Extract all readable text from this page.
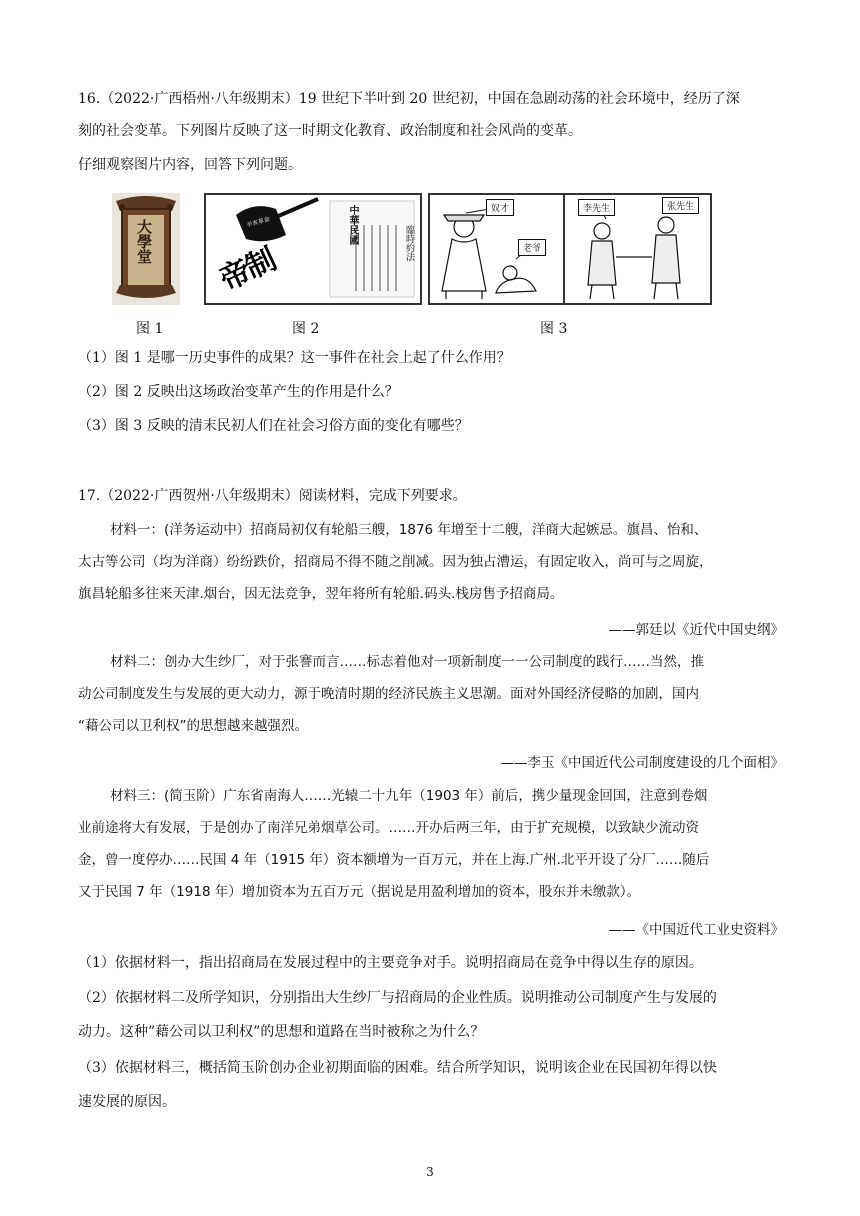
16.（2022·广西梧州·八年级期末）19 世纪下半叶到 20 世纪初，中国在急剧动荡的社会环境中，经历了深
刻的社会变革。下列图片反映了这一时期文化教育、政治制度和社会风尚的变革。
仔细观察图片内容，回答下列问题。
大學堂	辛亥革命
帝制
中華民國	臨時約法
奴才
老爷
李先生	张先生
图 1	图 2	图 3
（1）图 1 是哪一历史事件的成果？这一事件在社会上起了什么作用？
（2）图 2 反映出这场政治变革产生的作用是什么？
（3）图 3 反映的清末民初人们在社会习俗方面的变化有哪些？
17.（2022·广西贺州·八年级期末）阅读材料，完成下列要求。
材料一：(洋务运动中）招商局初仅有轮船三艘，1876 年增至十二艘，洋商大起嫉忌。旗昌、怡和、
太古等公司（均为洋商）纷纷跌价，招商局不得不随之削减。因为独占漕运，有固定收入，尚可与之周旋，
旗昌轮船多往来天津.烟台，因无法竞争，翌年将所有轮船.码头.栈房售予招商局。
——郭廷以《近代中国史纲》
材料二：创办大生纱厂，对于张謇而言……标志着他对一项新制度一一公司制度的践行……当然，推
动公司制度发生与发展的更大动力，源于晚清时期的经济民族主义思潮。面对外国经济侵略的加剧，国内
“藉公司以卫利权”的思想越来越强烈。
——李玉《中国近代公司制度建设的几个面相》
材料三：(简玉阶）广东省南海人……光辕二十九年（1903 年）前后，携少量现金回国，注意到卷烟
业前途将大有发展，于是创办了南洋兄弟烟草公司。……开办后两三年，由于扩充规模，以致缺少流动资
金，曾一度停办……民国 4 年（1915 年）资本额增为一百万元，并在上海.广州.北平开设了分厂……随后
又于民国 7 年（1918 年）增加资本为五百万元（据说是用盈利增加的资本，股东并未缴款）。
——《中国近代工业史资料》
（1）依据材料一，指出招商局在发展过程中的主要竞争对手。说明招商局在竞争中得以生存的原因。
（2）依据材料二及所学知识，分别指出大生纱厂与招商局的企业性质。说明推动公司制度产生与发展的
动力。这种”藉公司以卫利权”的思想和道路在当时被称之为什么？
（3）依据材料三，概括简玉阶创办企业初期面临的困难。结合所学知识，说明该企业在民国初年得以快
速发展的原因。
3
